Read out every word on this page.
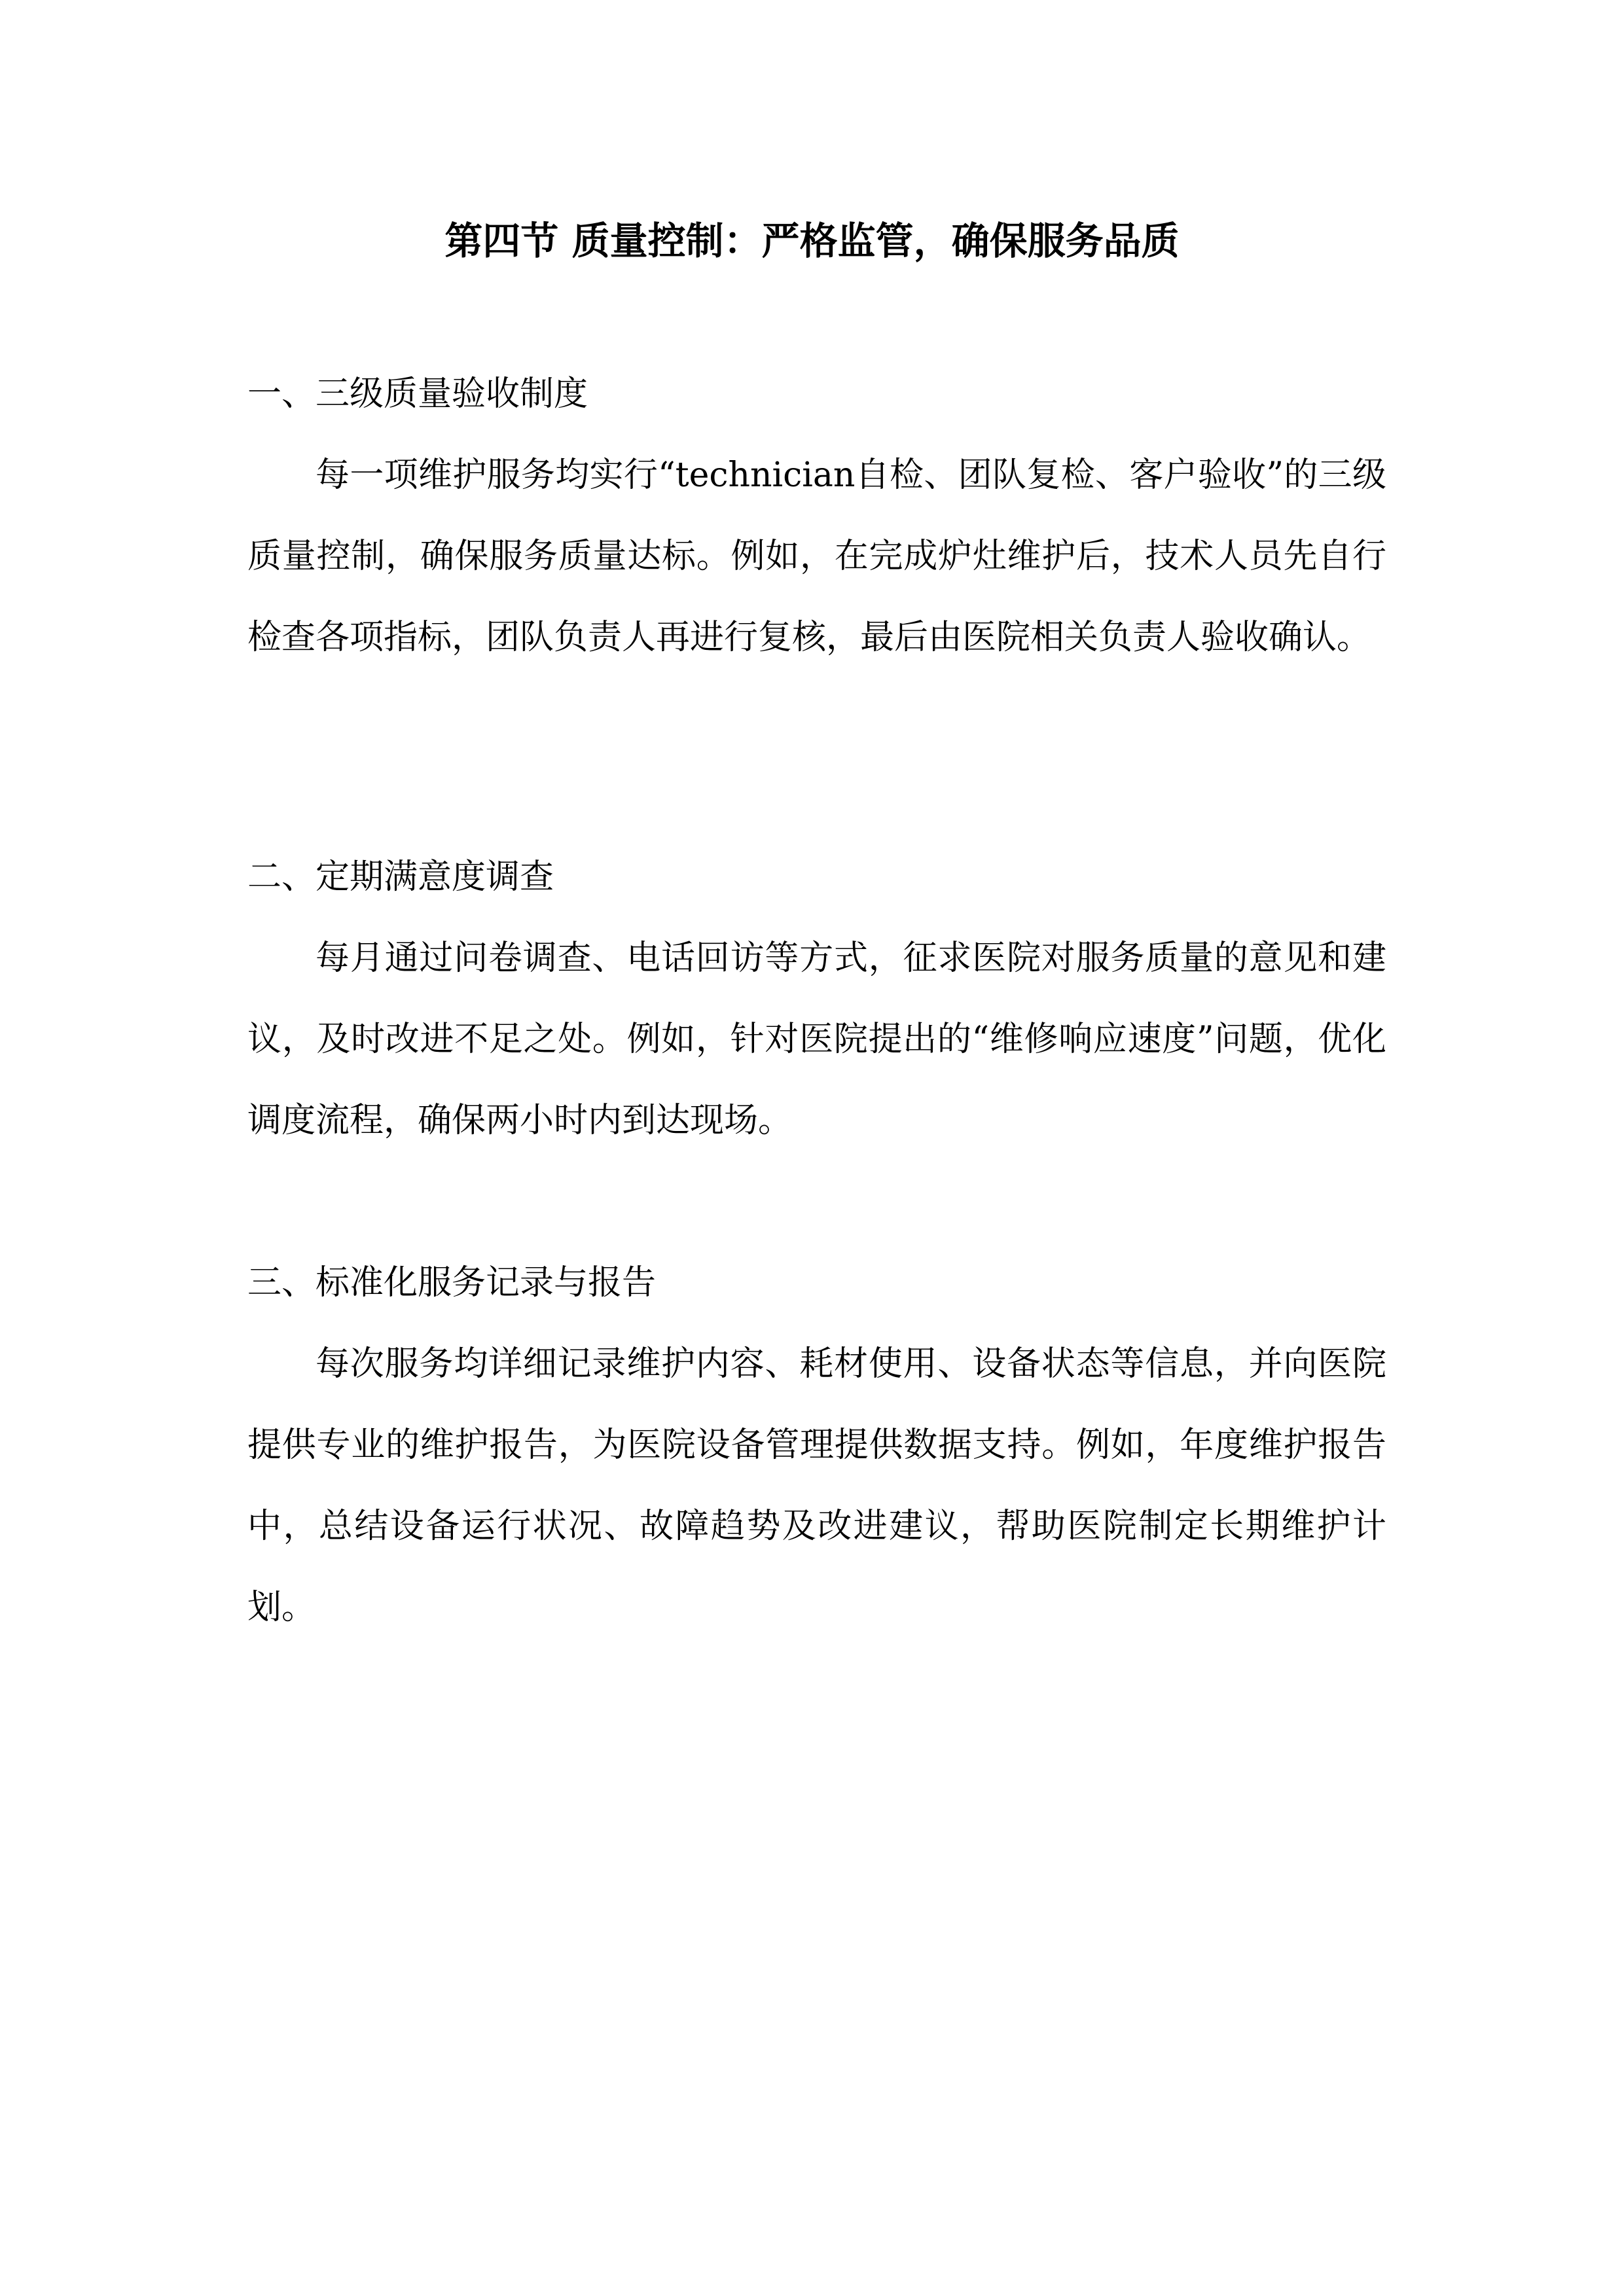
第四节 质量控制：严格监管，确保服务品质
一、三级质量验收制度

每一项维护服务均实行“technician自检、团队复检、客户验收”的三级质量控制，确保服务质量达标。例如，在完成炉灶维护后，技术人员先自行检查各项指标，团队负责人再进行复核，最后由医院相关负责人验收确认。

二、定期满意度调查

每月通过问卷调查、电话回访等方式，征求医院对服务质量的意见和建议，及时改进不足之处。例如，针对医院提出的“维修响应速度”问题，优化调度流程，确保两小时内到达现场。

三、标准化服务记录与报告

每次服务均详细记录维护内容、耗材使用、设备状态等信息，并向医院提供专业的维护报告，为医院设备管理提供数据支持。例如，年度维护报告中，总结设备运行状况、故障趋势及改进建议，帮助医院制定长期维护计划。
